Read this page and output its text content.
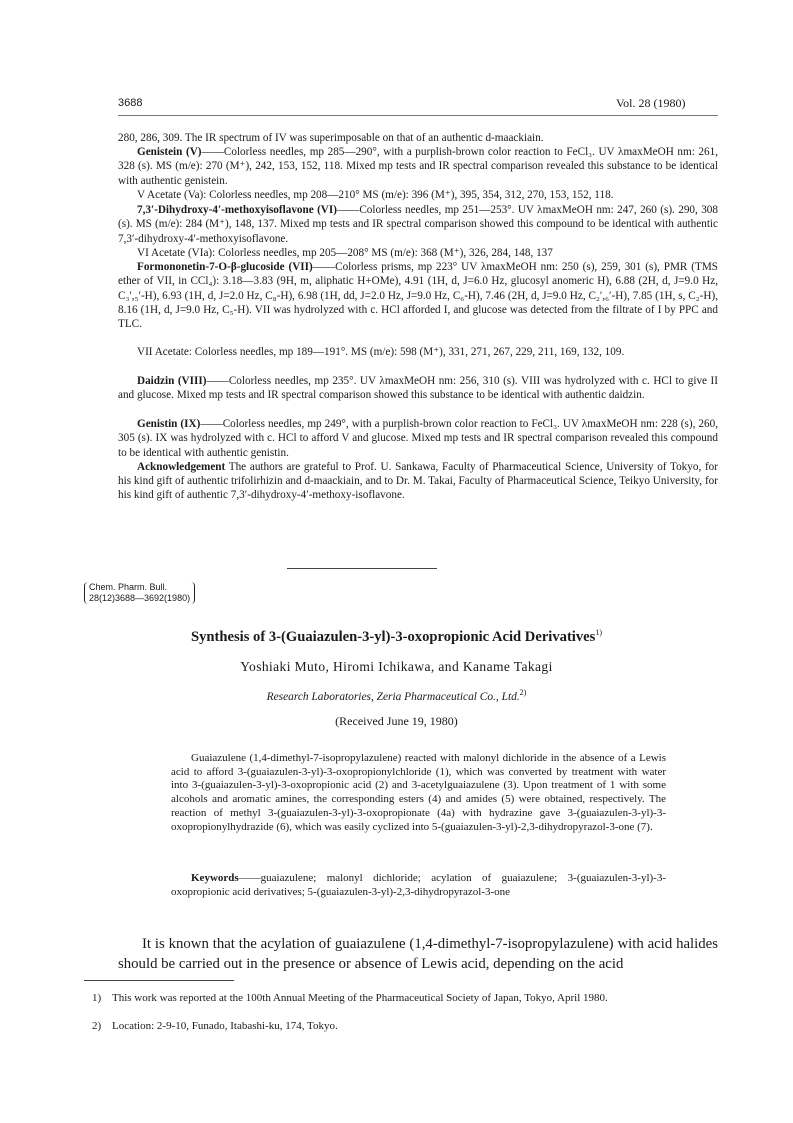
3688	Vol. 28 (1980)
280, 286, 309. The IR spectrum of IV was superimposable on that of an authentic d-maackiain.
Genistein (V)——Colorless needles, mp 285—290°, with a purplish-brown color reaction to FeCl₃. UV λmaxMeOH nm: 261, 328 (s). MS (m/e): 270 (M⁺), 242, 153, 152, 118. Mixed mp tests and IR spectral comparison revealed this substance to be identical with authentic genistein.
V Acetate (Va): Colorless needles, mp 208—210° MS (m/e): 396 (M⁺), 395, 354, 312, 270, 153, 152, 118.
7,3′-Dihydroxy-4′-methoxyisoflavone (VI)——Colorless needles, mp 251—253°. UV λmaxMeOH nm: 247, 260 (s). 290, 308 (s). MS (m/e): 284 (M⁺), 148, 137. Mixed mp tests and IR spectral comparison showed this compound to be identical with authentic 7,3′-dihydroxy-4′-methoxyisoflavone.
VI Acetate (VIa): Colorless needles, mp 205—208° MS (m/e): 368 (M⁺), 326, 284, 148, 137
Formononetin-7-O-β-glucoside (VII)——Colorless prisms, mp 223° UV λmaxMeOH nm: 250 (s), 259, 301 (s), PMR (TMS ether of VII, in CCl₄): 3.18—3.83 (9H, m, aliphatic H+OMe), 4.91 (1H, d, J=6.0 Hz, glucosyl anomeric H), 6.88 (2H, d, J=9.0 Hz, C₃′,₅′-H), 6.93 (1H, d, J=2.0 Hz, C₈-H), 6.98 (1H, dd, J=2.0 Hz, J=9.0 Hz, C₆-H), 7.46 (2H, d, J=9.0 Hz, C₂′,₆′-H), 7.85 (1H, s, C₂-H), 8.16 (1H, d, J=9.0 Hz, C₅-H). VII was hydrolyzed with c. HCl afforded I, and glucose was detected from the filtrate of I by PPC and TLC.
VII Acetate: Colorless needles, mp 189—191°. MS (m/e): 598 (M⁺), 331, 271, 267, 229, 211, 169, 132, 109.
Daidzin (VIII)——Colorless needles, mp 235°. UV λmaxMeOH nm: 256, 310 (s). VIII was hydrolyzed with c. HCl to give II and glucose. Mixed mp tests and IR spectral comparison showed this substance to be identical with authentic daidzin.
Genistin (IX)——Colorless needles, mp 249°, with a purplish-brown color reaction to FeCl₃. UV λmaxMeOH nm: 228 (s), 260, 305 (s). IX was hydrolyzed with c. HCl to afford V and glucose. Mixed mp tests and IR spectral comparison revealed this compound to be identical with authentic genistin.
Acknowledgement The authors are grateful to Prof. U. Sankawa, Faculty of Pharmaceutical Science, University of Tokyo, for his kind gift of authentic trifolirhizin and d-maackiain, and to Dr. M. Takai, Faculty of Pharmaceutical Science, Teikyo University, for his kind gift of authentic 7,3′-dihydroxy-4′-methoxy-isoflavone.
Chem. Pharm. Bull.
28(12)3688—3692(1980)
Synthesis of 3-(Guaiazulen-3-yl)-3-oxopropionic Acid Derivatives$^{1)}$
Yoshiaki Muto, Hiromi Ichikawa, and Kaname Takagi
Research Laboratories, Zeria Pharmaceutical Co., Ltd.$^{2)}$
(Received June 19, 1980)
Guaiazulene (1,4-dimethyl-7-isopropylazulene) reacted with malonyl dichloride in the absence of a Lewis acid to afford 3-(guaiazulen-3-yl)-3-oxopropionylchloride (1), which was converted by treatment with water into 3-(guaiazulen-3-yl)-3-oxopropionic acid (2) and 3-acetylguaiazulene (3). Upon treatment of 1 with some alcohols and aromatic amines, the corresponding esters (4) and amides (5) were obtained, respectively. The reaction of methyl 3-(guaiazulen-3-yl)-3-oxopropionate (4a) with hydrazine gave 3-(guaiazulen-3-yl)-3-oxopropionylhydrazide (6), which was easily cyclized into 5-(guaiazulen-3-yl)-2,3-dihydropyrazol-3-one (7).
Keywords——guaiazulene; malonyl dichloride; acylation of guaiazulene; 3-(guaiazulen-3-yl)-3-oxopropionic acid derivatives; 5-(guaiazulen-3-yl)-2,3-dihydropyrazol-3-one
It is known that the acylation of guaiazulene (1,4-dimethyl-7-isopropylazulene) with acid halides should be carried out in the presence or absence of Lewis acid, depending on the acid
1) This work was reported at the 100th Annual Meeting of the Pharmaceutical Society of Japan, Tokyo, April 1980.
2) Location: 2-9-10, Funado, Itabashi-ku, 174, Tokyo.
